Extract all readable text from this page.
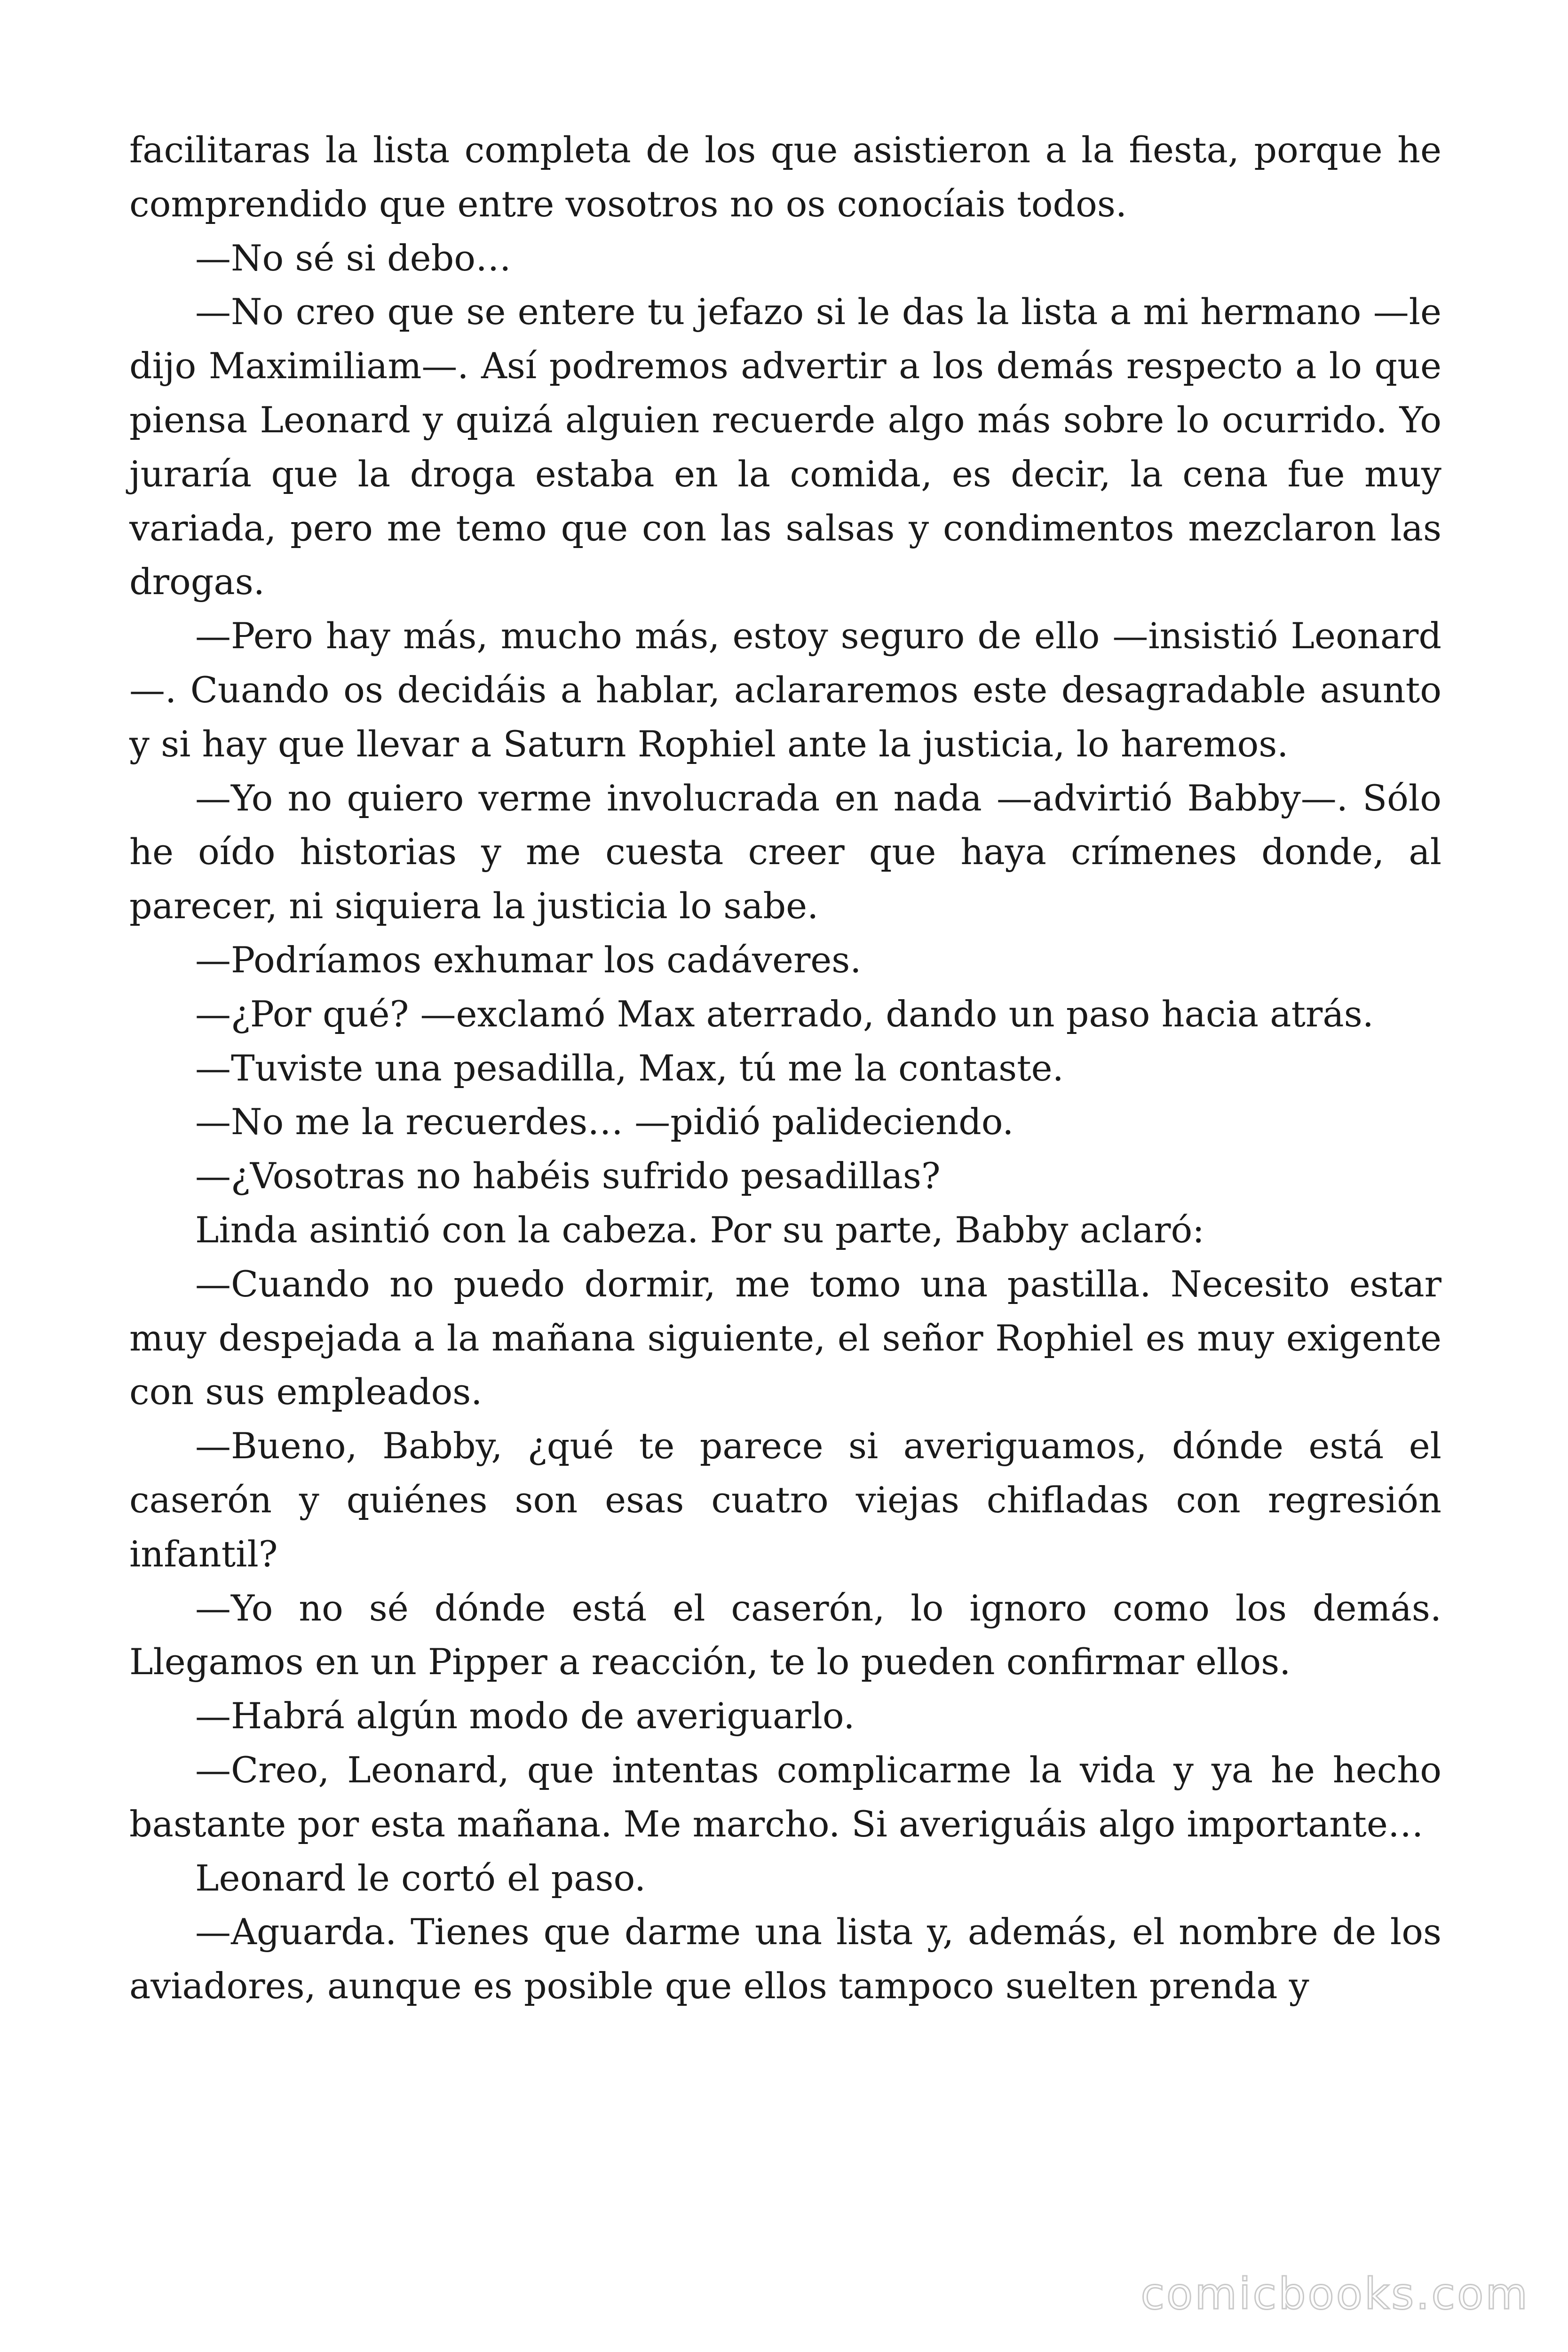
facilitaras la lista completa de los que asistieron a la fiesta, porque he comprendido que entre vosotros no os conocíais todos.

—No sé si debo…

—No creo que se entere tu jefazo si le das la lista a mi hermano —le dijo Maximiliam—. Así podremos advertir a los demás respecto a lo que piensa Leonard y quizá alguien recuerde algo más sobre lo ocurrido. Yo juraría que la droga estaba en la comida, es decir, la cena fue muy variada, pero me temo que con las salsas y condimentos mezclaron las drogas.

—Pero hay más, mucho más, estoy seguro de ello —insistió Leonard—. Cuando os decidáis a hablar, aclararemos este desagradable asunto y si hay que llevar a Saturn Rophiel ante la justicia, lo haremos.

—Yo no quiero verme involucrada en nada —advirtió Babby—. Sólo he oído historias y me cuesta creer que haya crímenes donde, al parecer, ni siquiera la justicia lo sabe.

—Podríamos exhumar los cadáveres.

—¿Por qué? —exclamó Max aterrado, dando un paso hacia atrás.

—Tuviste una pesadilla, Max, tú me la contaste.

—No me la recuerdes… —pidió palideciendo.

—¿Vosotras no habéis sufrido pesadillas?

Linda asintió con la cabeza. Por su parte, Babby aclaró:

—Cuando no puedo dormir, me tomo una pastilla. Necesito estar muy despejada a la mañana siguiente, el señor Rophiel es muy exigente con sus empleados.

—Bueno, Babby, ¿qué te parece si averiguamos, dónde está el caserón y quiénes son esas cuatro viejas chifladas con regresión infantil?

—Yo no sé dónde está el caserón, lo ignoro como los demás. Llegamos en un Pipper a reacción, te lo pueden confirmar ellos.

—Habrá algún modo de averiguarlo.

—Creo, Leonard, que intentas complicarme la vida y ya he hecho bastante por esta mañana. Me marcho. Si averiguáis algo importante…

Leonard le cortó el paso.

—Aguarda. Tienes que darme una lista y, además, el nombre de los aviadores, aunque es posible que ellos tampoco suelten prenda y

comicbooks.com
